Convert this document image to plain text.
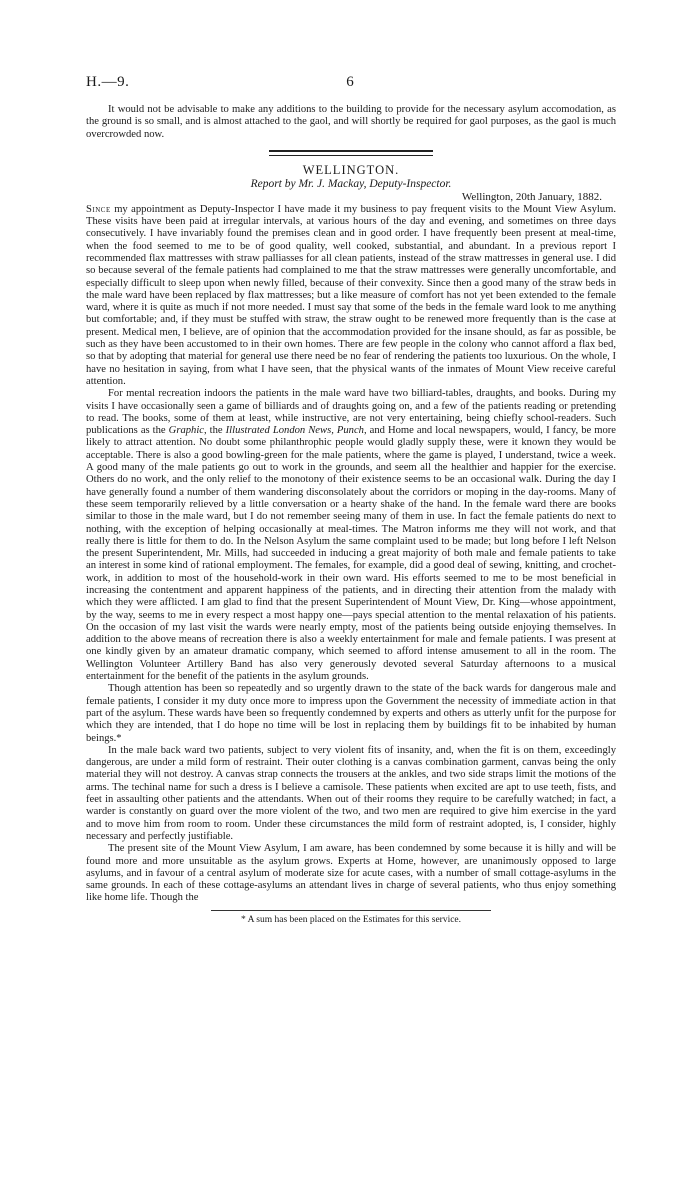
H.—9.	6

It would not be advisable to make any additions to the building to provide for the necessary asylum accomodation, as the ground is so small, and is almost attached to the gaol, and will shortly be required for gaol purposes, as the gaol is much overcrowded now.

WELLINGTON.
Report by Mr. J. Mackay, Deputy-Inspector.
Wellington, 20th January, 1882.

Since my appointment as Deputy-Inspector I have made it my business to pay frequent visits to the Mount View Asylum. These visits have been paid at irregular intervals, at various hours of the day and evening, and sometimes on three days consecutively. I have invariably found the premises clean and in good order. I have frequently been present at meal-time, when the food seemed to me to be of good quality, well cooked, substantial, and abundant. In a previous report I recommended flax mattresses with straw palliasses for all clean patients, instead of the straw mattresses in general use. I did so because several of the female patients had complained to me that the straw mattresses were generally uncomfortable, and especially difficult to sleep upon when newly filled, because of their convexity. Since then a good many of the straw beds in the male ward have been replaced by flax mattresses; but a like measure of comfort has not yet been extended to the female ward, where it is quite as much if not more needed. I must say that some of the beds in the female ward look to me anything but comfortable; and, if they must be stuffed with straw, the straw ought to be renewed more frequently than is the case at present. Medical men, I believe, are of opinion that the accommodation provided for the insane should, as far as possible, be such as they have been accustomed to in their own homes. There are few people in the colony who cannot afford a flax bed, so that by adopting that material for general use there need be no fear of rendering the patients too luxurious. On the whole, I have no hesitation in saying, from what I have seen, that the physical wants of the inmates of Mount View receive careful attention.

For mental recreation indoors the patients in the male ward have two billiard-tables, draughts, and books. During my visits I have occasionally seen a game of billiards and of draughts going on, and a few of the patients reading or pretending to read. The books, some of them at least, while instructive, are not very entertaining, being chiefly school-readers. Such publications as the Graphic, the Illustrated London News, Punch, and Home and local newspapers, would, I fancy, be more likely to attract attention. No doubt some philanthrophic people would gladly supply these, were it known they would be acceptable. There is also a good bowling-green for the male patients, where the game is played, I understand, twice a week. A good many of the male patients go out to work in the grounds, and seem all the healthier and happier for the exercise. Others do no work, and the only relief to the monotony of their existence seems to be an occasional walk. During the day I have generally found a number of them wandering disconsolately about the corridors or moping in the day-rooms. Many of these seem temporarily relieved by a little conversation or a hearty shake of the hand. In the female ward there are books similar to those in the male ward, but I do not remember seeing many of them in use. In fact the female patients do next to nothing, with the exception of helping occasionally at meal-times. The Matron informs me they will not work, and that really there is little for them to do. In the Nelson Asylum the same complaint used to be made; but long before I left Nelson the present Superintendent, Mr. Mills, had succeeded in inducing a great majority of both male and female patients to take an interest in some kind of rational employment. The females, for example, did a good deal of sewing, knitting, and crochet-work, in addition to most of the household-work in their own ward. His efforts seemed to me to be most beneficial in increasing the contentment and apparent happiness of the patients, and in directing their attention from the malady with which they were afflicted. I am glad to find that the present Superintendent of Mount View, Dr. King—whose appointment, by the way, seems to me in every respect a most happy one—pays special attention to the mental relaxation of his patients. On the occasion of my last visit the wards were nearly empty, most of the patients being outside enjoying themselves. In addition to the above means of recreation there is also a weekly entertainment for male and female patients. I was present at one kindly given by an amateur dramatic company, which seemed to afford intense amusement to all in the room. The Wellington Volunteer Artillery Band has also very generously devoted several Saturday afternoons to a musical entertainment for the benefit of the patients in the asylum grounds.

Though attention has been so repeatedly and so urgently drawn to the state of the back wards for dangerous male and female patients, I consider it my duty once more to impress upon the Government the necessity of immediate action in that part of the asylum. These wards have been so frequently condemned by experts and others as utterly unfit for the purpose for which they are intended, that I do hope no time will be lost in replacing them by buildings fit to be inhabited by human beings.*

In the male back ward two patients, subject to very violent fits of insanity, and, when the fit is on them, exceedingly dangerous, are under a mild form of restraint. Their outer clothing is a canvas combination garment, canvas being the only material they will not destroy. A canvas strap connects the trousers at the ankles, and two side straps limit the motions of the arms. The techinal name for such a dress is I believe a camisole. These patients when excited are apt to use teeth, fists, and feet in assaulting other patients and the attendants. When out of their rooms they require to be carefully watched; in fact, a warder is constantly on guard over the more violent of the two, and two men are required to give him exercise in the yard and to move him from room to room. Under these circumstances the mild form of restraint adopted, is, I consider, highly necessary and perfectly justifiable.

The present site of the Mount View Asylum, I am aware, has been condemned by some because it is hilly and will be found more and more unsuitable as the asylum grows. Experts at Home, however, are unanimously opposed to large asylums, and in favour of a central asylum of moderate size for acute cases, with a number of small cottage-asylums in the same grounds. In each of these cottage-asylums an attendant lives in charge of several patients, who thus enjoy something like home life. Though the

* A sum has been placed on the Estimates for this service.
